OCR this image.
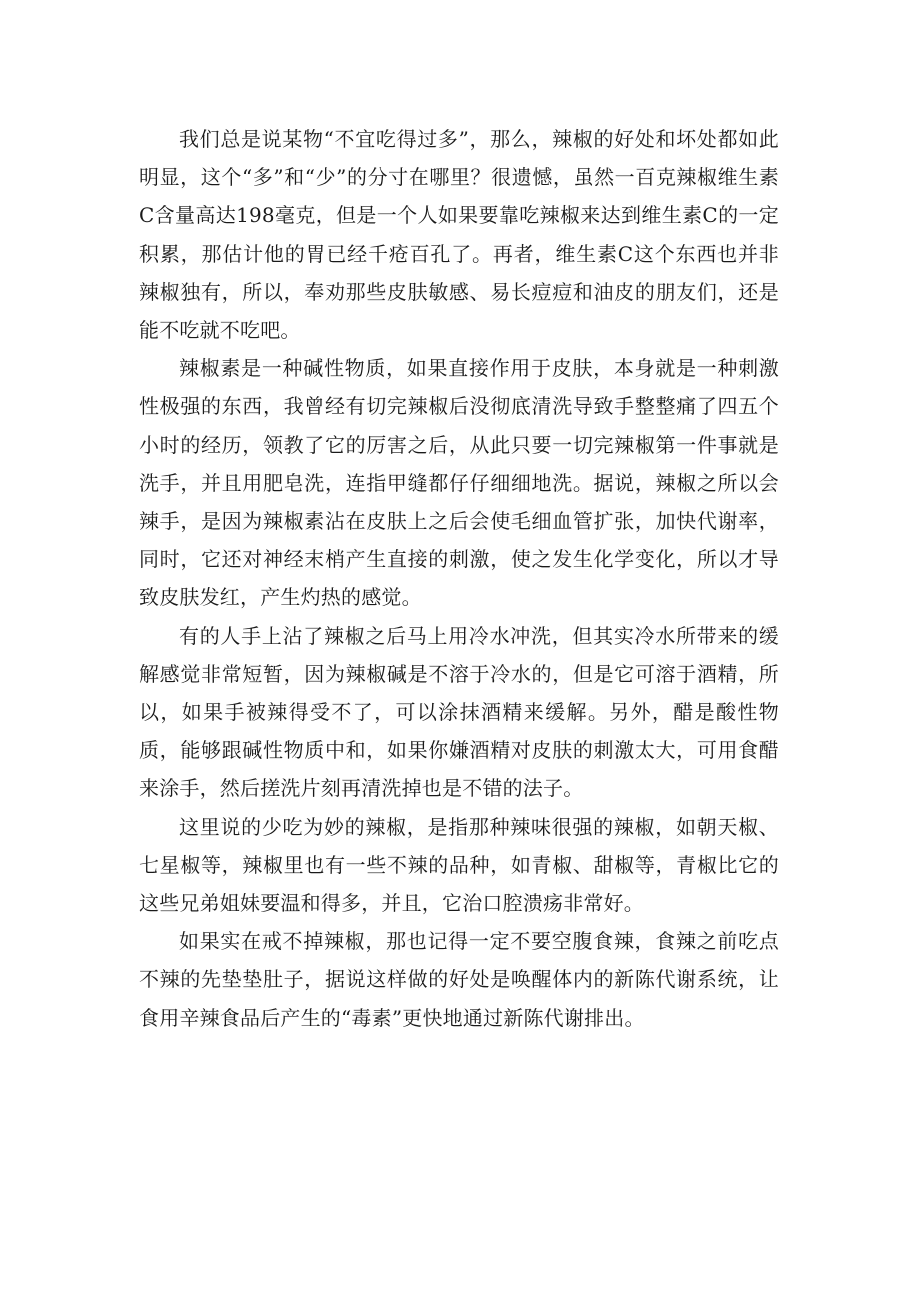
我们总是说某物“不宜吃得过多”，那么，辣椒的好处和坏处都如此明显，这个“多”和“少”的分寸在哪里？很遗憾，虽然一百克辣椒维生素C含量高达198毫克，但是一个人如果要靠吃辣椒来达到维生素C的一定积累，那估计他的胃已经千疮百孔了。再者，维生素C这个东西也并非辣椒独有，所以，奉劝那些皮肤敏感、易长痘痘和油皮的朋友们，还是能不吃就不吃吧。

辣椒素是一种碱性物质，如果直接作用于皮肤，本身就是一种刺激性极强的东西，我曾经有切完辣椒后没彻底清洗导致手整整痛了四五个小时的经历，领教了它的厉害之后，从此只要一切完辣椒第一件事就是洗手，并且用肥皂洗，连指甲缝都仔仔细细地洗。据说，辣椒之所以会辣手，是因为辣椒素沾在皮肤上之后会使毛细血管扩张，加快代谢率，同时，它还对神经末梢产生直接的刺激，使之发生化学变化，所以才导致皮肤发红，产生灼热的感觉。

有的人手上沾了辣椒之后马上用冷水冲洗，但其实冷水所带来的缓解感觉非常短暂，因为辣椒碱是不溶于冷水的，但是它可溶于酒精，所以，如果手被辣得受不了，可以涂抹酒精来缓解。另外，醋是酸性物质，能够跟碱性物质中和，如果你嫌酒精对皮肤的刺激太大，可用食醋来涂手，然后搓洗片刻再清洗掉也是不错的法子。

这里说的少吃为妙的辣椒，是指那种辣味很强的辣椒，如朝天椒、七星椒等，辣椒里也有一些不辣的品种，如青椒、甜椒等，青椒比它的这些兄弟姐妹要温和得多，并且，它治口腔溃疡非常好。

如果实在戒不掉辣椒，那也记得一定不要空腹食辣，食辣之前吃点不辣的先垫垫肚子，据说这样做的好处是唤醒体内的新陈代谢系统，让食用辛辣食品后产生的“毒素”更快地通过新陈代谢排出。
